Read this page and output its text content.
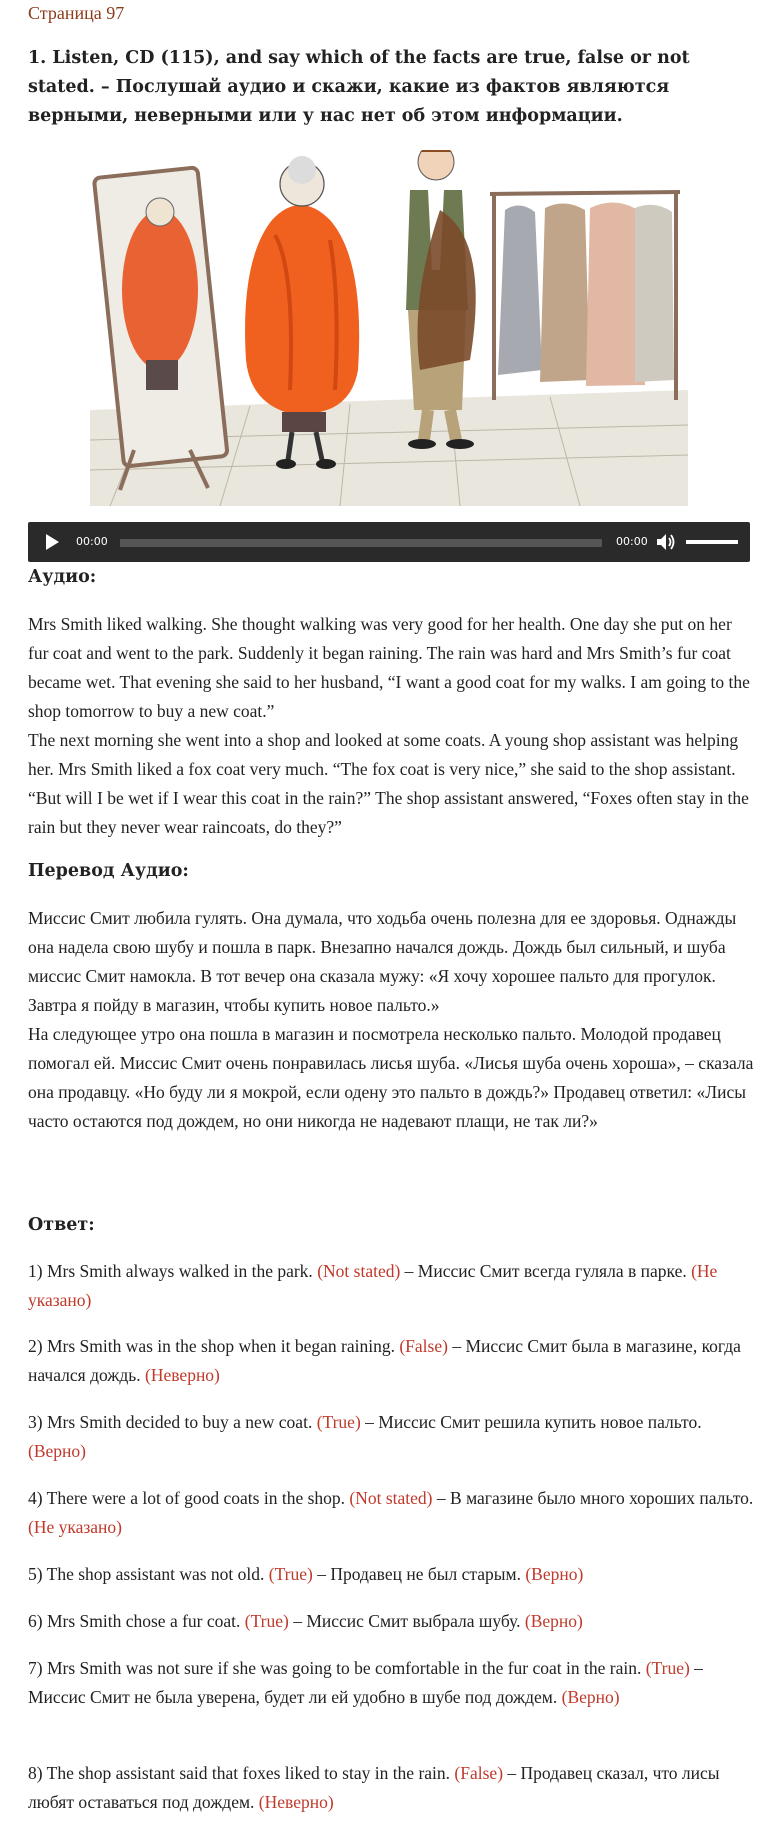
Страница 97
1. Listen, CD (115), and say which of the facts are true, false or not stated. – Послушай аудио и скажи, какие из фактов являются верными, неверными или у нас нет об этом информации.
00:00	00:00
Аудио:

Mrs Smith liked walking. She thought walking was very good for her health. One day she put on her fur coat and went to the park. Suddenly it began raining. The rain was hard and Mrs Smith’s fur coat became wet. That evening she said to her husband, “I want a good coat for my walks. I am going to the shop tomorrow to buy a new coat.”

The next morning she went into a shop and looked at some coats. A young shop assistant was helping her. Mrs Smith liked a fox coat very much. “The fox coat is very nice,” she said to the shop assistant. “But will I be wet if I wear this coat in the rain?” The shop assistant answered, “Foxes often stay in the rain but they never wear raincoats, do they?”

Перевод Аудио:

Миссис Смит любила гулять. Она думала, что ходьба очень полезна для ее здоровья. Однажды она надела свою шубу и пошла в парк. Внезапно начался дождь. Дождь был сильный, и шуба миссис Смит намокла. В тот вечер она сказала мужу: «Я хочу хорошее пальто для прогулок. Завтра я пойду в магазин, чтобы купить новое пальто.»

На следующее утро она пошла в магазин и посмотрела несколько пальто. Молодой продавец помогал ей. Миссис Смит очень понравилась лисья шуба. «Лисья шуба очень хороша», – сказала она продавцу. «Но буду ли я мокрой, если одену это пальто в дождь?» Продавец ответил: «Лисы часто остаются под дождем, но они никогда не надевают плащи, не так ли?»

Ответ:
1) Mrs Smith always walked in the park. (Not stated) – Миссис Смит всегда гуляла в парке. (Не указано)
2) Mrs Smith was in the shop when it began raining. (False) – Миссис Смит была в магазине, когда начался дождь. (Неверно)
3) Mrs Smith decided to buy a new coat. (True) – Миссис Смит решила купить новое пальто. (Верно)
4) There were a lot of good coats in the shop. (Not stated) – В магазине было много хороших пальто. (Не указано)
5) The shop assistant was not old. (True) – Продавец не был старым. (Верно)
6) Mrs Smith chose a fur coat. (True) – Миссис Смит выбрала шубу. (Верно)
7) Mrs Smith was not sure if she was going to be comfortable in the fur coat in the rain. (True) – Миссис Смит не была уверена, будет ли ей удобно в шубе под дождем. (Верно)
8) The shop assistant said that foxes liked to stay in the rain. (False) – Продавец сказал, что лисы любят оставаться под дождем. (Неверно)
